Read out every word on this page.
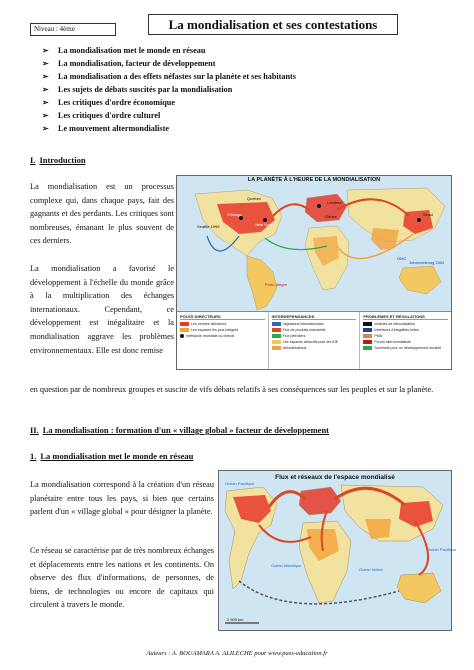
Niveau : 4ème	La mondialisation et ses contestations
➢	La mondialisation met le monde en réseau
➢	La mondialisation, facteur de développement
➢	La mondialisation a des effets néfastes sur la planète et ses habitants
➢	Les sujets de débats suscités par la mondialisation
➢	Les critiques d'ordre économique
➢	Les critiques d'ordre culturel
➢	Le mouvement altermondialiste
I. Introduction
La mondialisation est un processus complexe qui, dans chaque pays, fait des gagnants et des perdants. Les critiques sont nombreuses, émanant le plus souvent de ces derniers.
La mondialisation a favorisé le développement à l'échelle du monde grâce à la multiplication des échanges internationaux. Cependant, ce développement est inégalitaire et la mondialisation aggrave les problèmes environnementaux. Elle est donc remise
en question par de nombreux groupes et suscite de vifs débats relatifs à ses conséquences sur les peuples et sur la planète.
LA PLANÈTE À L'HEURE DE LA MONDIALISATION
Chicago
New York
Londres
Seattle 1999
Québec
Seoul
Porto Alegre
OMC
Johannesburg 2002
Gênes
PÔLES DIRECTEURS
Les centres directeurs
Les espaces les plus intégrés
métropole mondiale ou cheval
INTERDÉPENDANCES
migrations internationales
Flux de produits industriels
Flux pétroliers
Les espaces attractifs pour les IDE
délocalisations
PROBLÈMES ET RÉGULATIONS
victimes de délocalisation
Interfaces d'inégalités fortes
PMA
Forum altermondialiste
Sommets pour un développement durable
II. La mondialisation : formation d'un « village global » facteur de développement
1. La mondialisation met le monde en réseau
La mondialisation correspond à la création d'un réseau planétaire entre tous les pays, si bien que certains parlent d'un « village global » pour désigner la planète.
Ce réseau se caractérise par de très nombreux échanges et déplacements entre les nations et les continents. On observe des flux d'informations, de personnes, de biens, de technologies ou encore de capitaux qui circulent à travers le monde.
Flux et réseaux de l'espace mondialisé
Océan Pacifique
Océan Atlantique
Océan Indien
Océan Pacifique
2 500 km
Auteurs : A. BOUAMARA A. ALILECHE pour www.pass-education.fr
